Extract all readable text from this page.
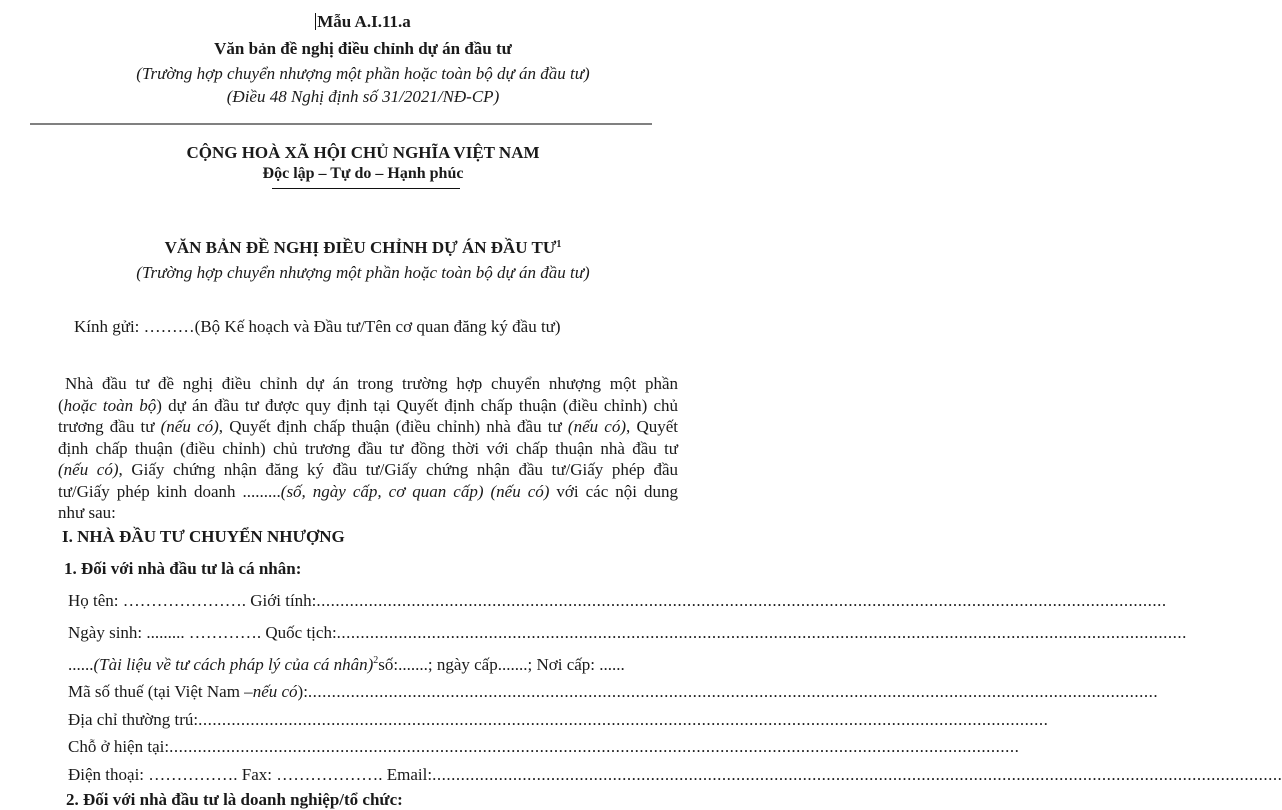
Mẫu A.I.11.a
Văn bản đề nghị điều chỉnh dự án đầu tư
(Trường hợp chuyển nhượng một phần hoặc toàn bộ dự án đầu tư)
(Điều 48 Nghị định số 31/2021/NĐ-CP)
CỘNG HOÀ XÃ HỘI CHỦ NGHĨA VIỆT NAM
Độc lập – Tự do – Hạnh phúc
VĂN BẢN ĐỀ NGHỊ ĐIỀU CHỈNH DỰ ÁN ĐẦU $TƯ^1$
(Trường hợp chuyển nhượng một phần hoặc toàn bộ dự án đầu tư)
Kính gửi: ………(Bộ Kế hoạch và Đầu tư/Tên cơ quan đăng ký đầu tư)

Nhà đầu tư đề nghị điều chỉnh dự án trong trường hợp chuyển nhượng một phần

(hoặc toàn bộ) dự án đầu tư được quy định tại Quyết định chấp thuận (điều chỉnh) chủ

trương đầu tư (nếu có), Quyết định chấp thuận (điều chỉnh) nhà đầu tư (nếu có), Quyết

định chấp thuận (điều chỉnh) chủ trương đầu tư đồng thời với chấp thuận nhà đầu tư

(nếu có), Giấy chứng nhận đăng ký đầu tư/Giấy chứng nhận đầu tư/Giấy phép đầu

tư/Giấy phép kinh doanh .........(số, ngày cấp, cơ quan cấp) (nếu có) với các nội dung

như sau:

I. NHÀ ĐẦU TƯ CHUYỂN NHƯỢNG
1. Đối với nhà đầu tư là cá nhân:
Họ tên: …………………. Giới tính: ...................................................................................................................................................................................
Ngày sinh: ......... …………. Quốc tịch: ...................................................................................................................................................................................
...... (Tài liệu về tư cách pháp lý của cá nhân) 2 số:.......; ngày cấp.......; Nơi cấp: ......
Mã số thuế (tại Việt Nam – nếu có ): ...................................................................................................................................................................................
Địa chỉ thường trú: ...................................................................................................................................................................................
Chỗ ở hiện tại: ...................................................................................................................................................................................
Điện thoại: ……………. Fax: ………………. Email: ...................................................................................................................................................................................
2. Đối với nhà đầu tư là doanh nghiệp/tổ chức:
